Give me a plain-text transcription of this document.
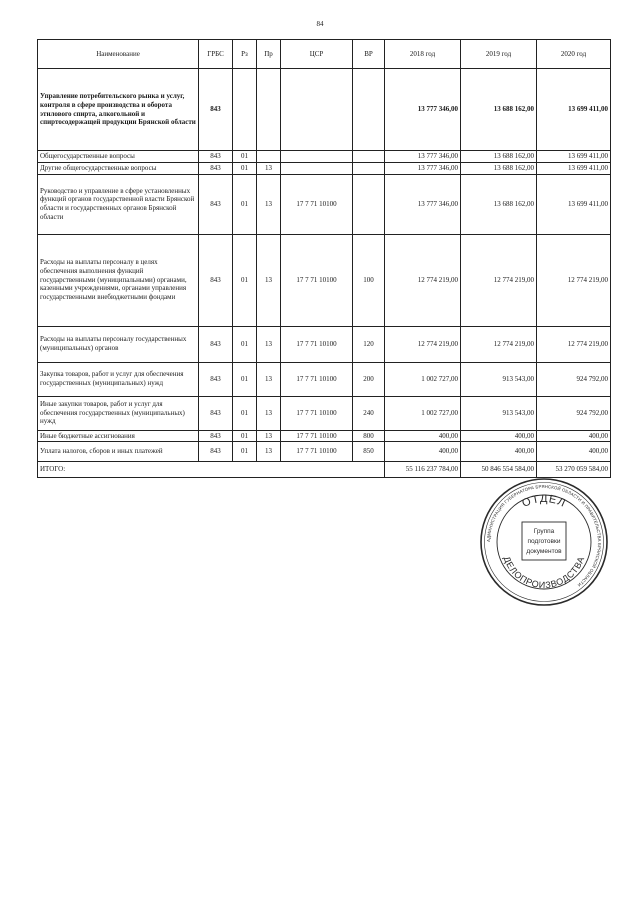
84
Наименование	ГРБС	Рз	Пр	ЦСР	ВР	2018 год	2019 год	2020 год
Управление потребительского рынка и услуг, контроля в сфере производства и оборота этилового спирта, алкогольной и спиртосодержащей продукции Брянской области	843					13 777 346,00	13 688 162,00	13 699 411,00
Общегосударственные вопросы	843	01				13 777 346,00	13 688 162,00	13 699 411,00
Другие общегосударственные вопросы	843	01	13			13 777 346,00	13 688 162,00	13 699 411,00
Руководство и управление в сфере установленных функций органов государственной власти Брянской области и государственных органов Брянской области	843	01	13	17 7 71 10100		13 777 346,00	13 688 162,00	13 699 411,00
Расходы на выплаты персоналу в целях обеспечения выполнения функций государственными (муниципальными) органами, казенными учреждениями, органами управления государственными внебюджетными фондами	843	01	13	17 7 71 10100	100	12 774 219,00	12 774 219,00	12 774 219,00
Расходы на выплаты персоналу государственных (муниципальных) органов	843	01	13	17 7 71 10100	120	12 774 219,00	12 774 219,00	12 774 219,00
Закупка товаров, работ и услуг для обеспечения государственных (муниципальных) нужд	843	01	13	17 7 71 10100	200	1 002 727,00	913 543,00	924 792,00
Иные закупки товаров, работ и услуг для обеспечения государственных (муниципальных) нужд	843	01	13	17 7 71 10100	240	1 002 727,00	913 543,00	924 792,00
Иные бюджетные ассигнования	843	01	13	17 7 71 10100	800	400,00	400,00	400,00
Уплата налогов, сборов и иных платежей	843	01	13	17 7 71 10100	850	400,00	400,00	400,00
ИТОГО:						55 116 237 784,00	50 846 554 584,00	53 270 059 584,00
АДМИНИСТРАЦИЯ ГУБЕРНАТОРА БРЯНСКОЙ ОБЛАСТИ И ПРАВИТЕЛЬСТВА БРЯНСКОЙ ОБЛАСТИ
ОТДЕЛ
ДЕЛОПРОИЗВОДСТВА
Группа
подготовки
документов
